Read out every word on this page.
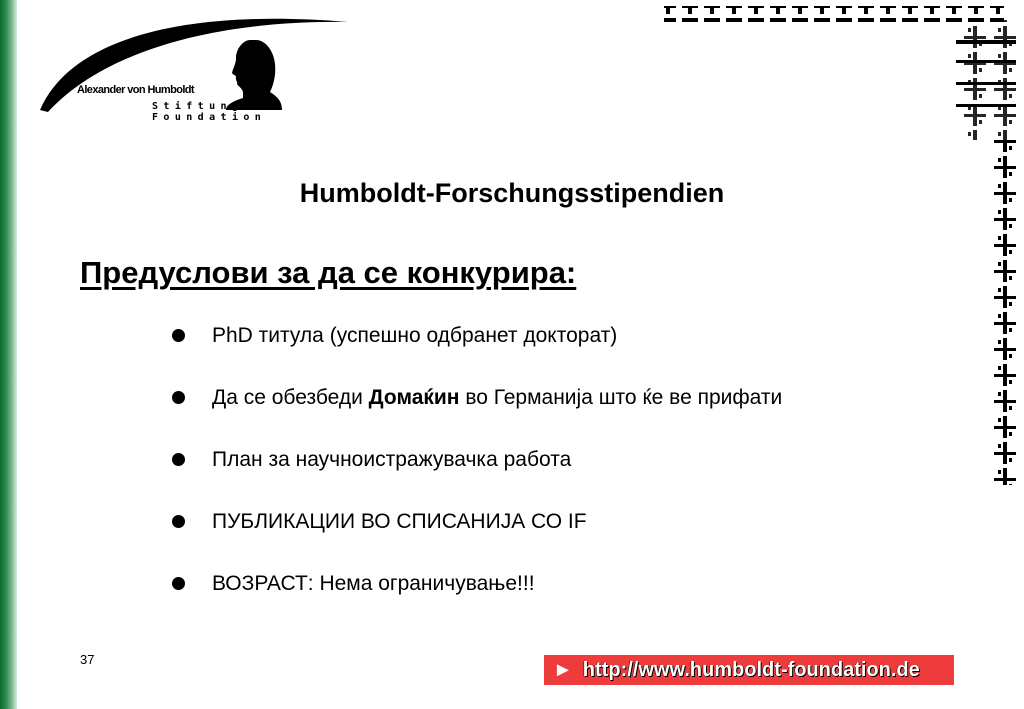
Alexander von Humboldt
Stiftung / Foundation
Humboldt-Forschungsstipendien
Предуслови за да се конкурира:
PhD титула (успешно одбранет докторат)
Да се обезбеди Домаќин во Германија што ќе ве прифати
План за научноистражувачка работа
ПУБЛИКАЦИИ ВО СПИСАНИЈА СО IF
ВОЗРАСТ: Нема ограничување!!!
37	► http://www.humboldt-foundation.de
